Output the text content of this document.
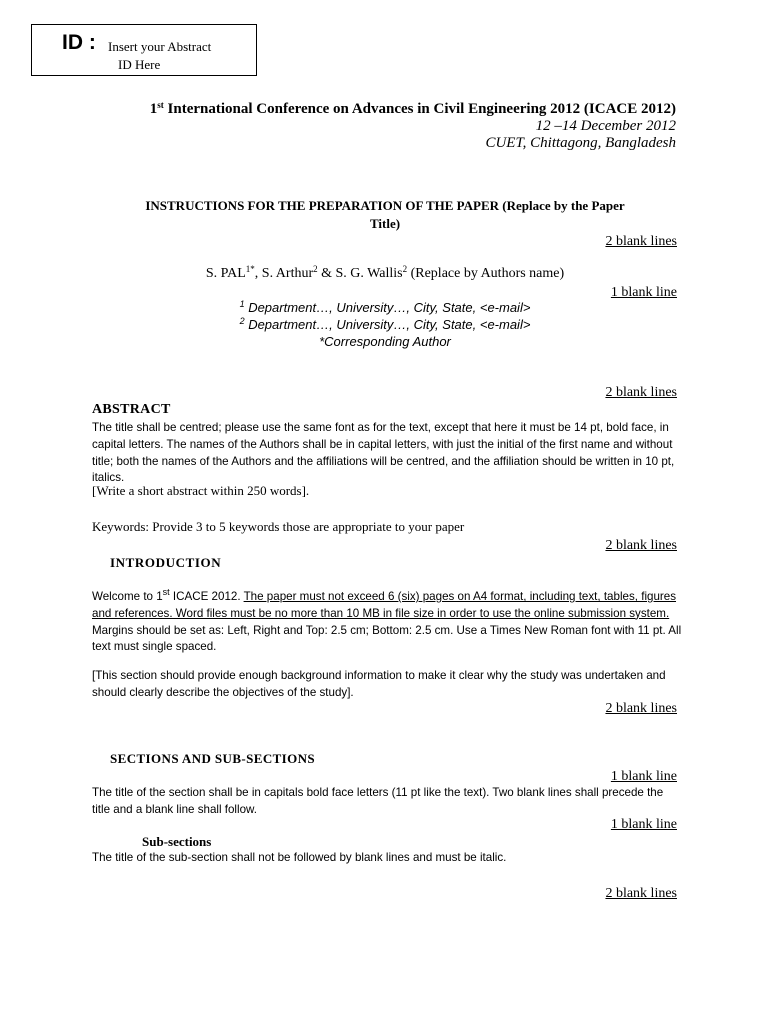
ID : Insert your Abstract
ID Here
1st International Conference on Advances in Civil Engineering 2012 (ICACE 2012)
12 –14 December 2012
CUET, Chittagong, Bangladesh
INSTRUCTIONS FOR THE PREPARATION OF THE PAPER (Replace by the Paper
Title)
2 blank lines
S. $PAL^{1*}$, S. Arthur$^2$ & S. G. Wallis$^2$ (Replace by Authors name)
1 blank line
$^1$ Department…, University…, City, State, <e-mail>
$^2$ Department…, University…, City, State, <e-mail>
*Corresponding Author
2 blank lines
ABSTRACT
The title shall be centred; please use the same font as for the text, except that here it must be 14 pt, bold face, in capital letters. The names of the Authors shall be in capital letters, with just the initial of the first name and without title; both the names of the Authors and the affiliations will be centred, and the affiliation should be written in 10 pt, italics.
[Write a short abstract within 250 words].
Keywords: Provide 3 to 5 keywords those are appropriate to your paper
2 blank lines
INTRODUCTION
Welcome to 1st ICACE 2012. The paper must not exceed 6 (six) pages on A4 format, including text, tables, figures and references. Word files must be no more than 10 MB in file size in order to use the online submission system. Margins should be set as: Left, Right and Top: 2.5 cm; Bottom: 2.5 cm. Use a Times New Roman font with 11 pt. All text must single spaced.
[This section should provide enough background information to make it clear why the study was undertaken and should clearly describe the objectives of the study].
2 blank lines
SECTIONS AND SUB-SECTIONS
1 blank line
The title of the section shall be in capitals bold face letters (11 pt like the text). Two blank lines shall precede the title and a blank line shall follow.
1 blank line
Sub-sections
The title of the sub-section shall not be followed by blank lines and must be italic.
2 blank lines
